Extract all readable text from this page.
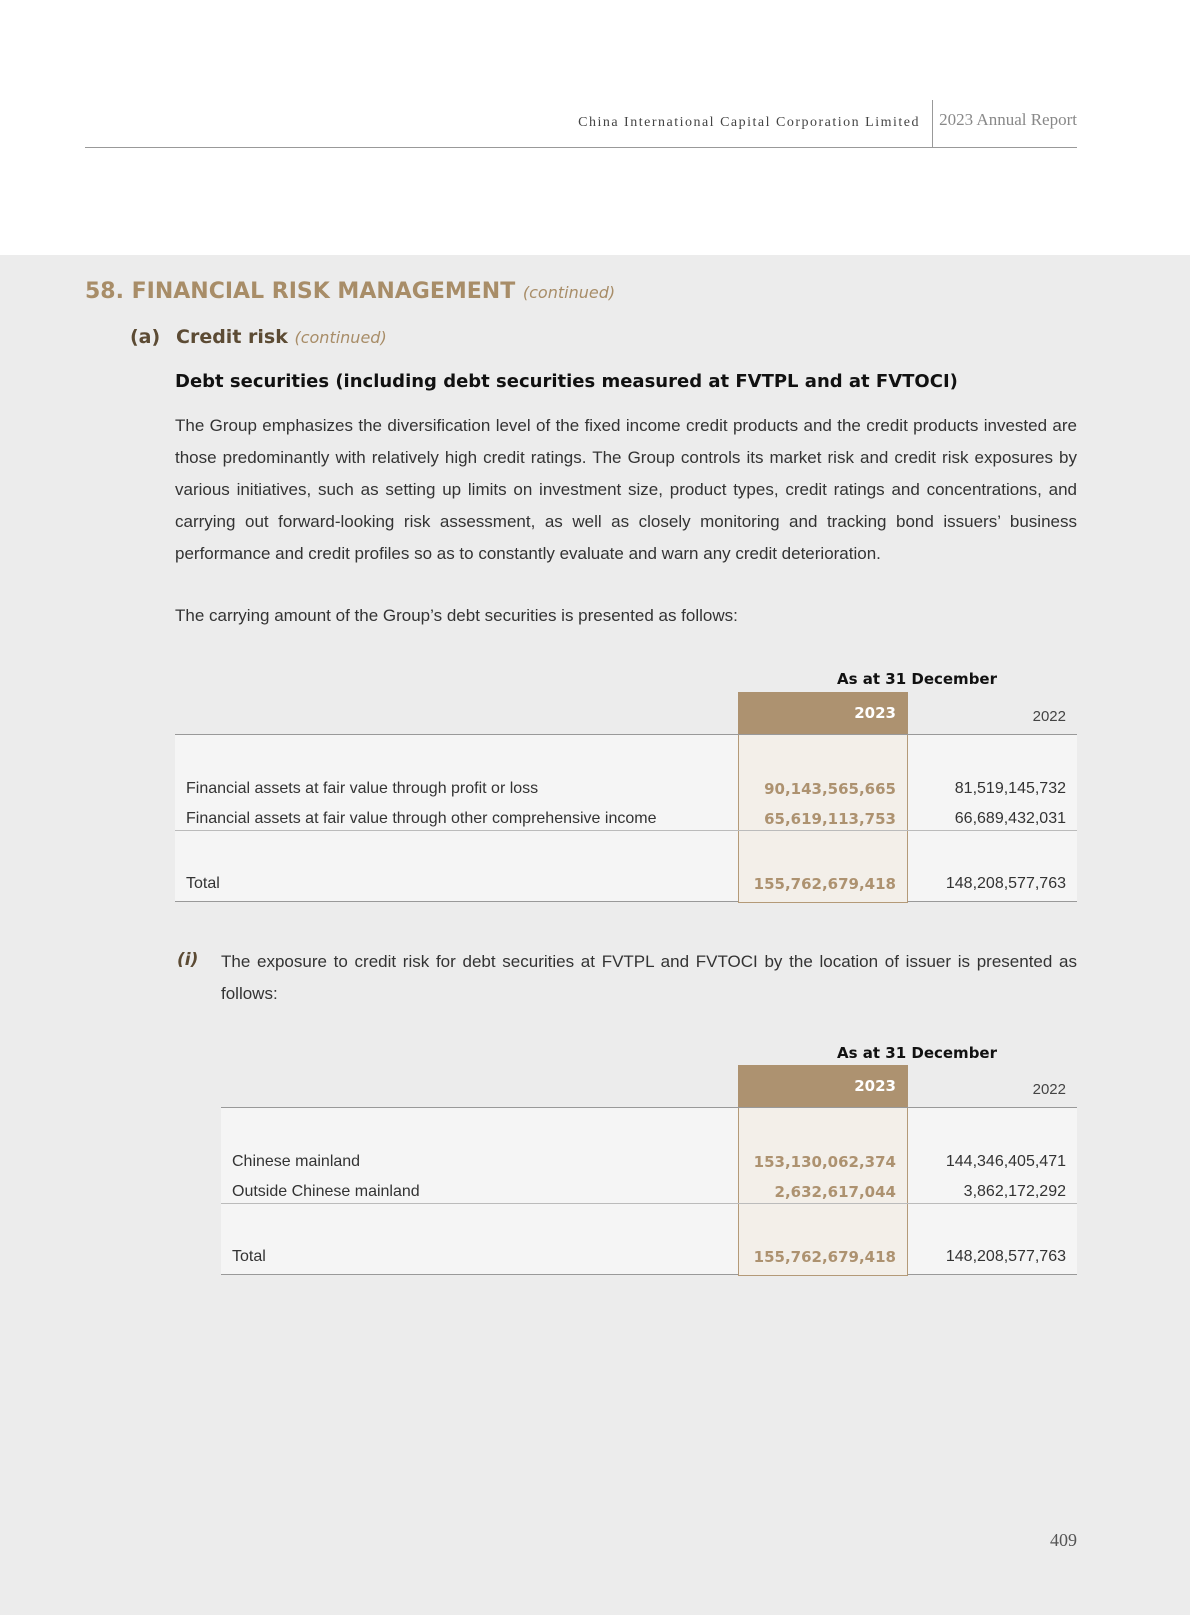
China International Capital Corporation Limited 2023 Annual Report
58. FINANCIAL RISK MANAGEMENT (continued)
(a) Credit risk (continued)
Debt securities (including debt securities measured at FVTPL and at FVTOCI)
The Group emphasizes the diversification level of the fixed income credit products and the credit products invested are those predominantly with relatively high credit ratings. The Group controls its market risk and credit risk exposures by various initiatives, such as setting up limits on investment size, product types, credit ratings and concentrations, and carrying out forward-looking risk assessment, as well as closely monitoring and tracking bond issuers’ business performance and credit profiles so as to constantly evaluate and warn any credit deterioration.
The carrying amount of the Group’s debt securities is presented as follows:
As at 31 December
2023	2022
Financial assets at fair value through profit or loss	90,143,565,665	81,519,145,732
Financial assets at fair value through other comprehensive income	65,619,113,753	66,689,432,031
Total	155,762,679,418	148,208,577,763
(i) The exposure to credit risk for debt securities at FVTPL and FVTOCI by the location of issuer is presented as follows:
As at 31 December
2023	2022
Chinese mainland	153,130,062,374	144,346,405,471
Outside Chinese mainland	2,632,617,044	3,862,172,292
Total	155,762,679,418	148,208,577,763
409
